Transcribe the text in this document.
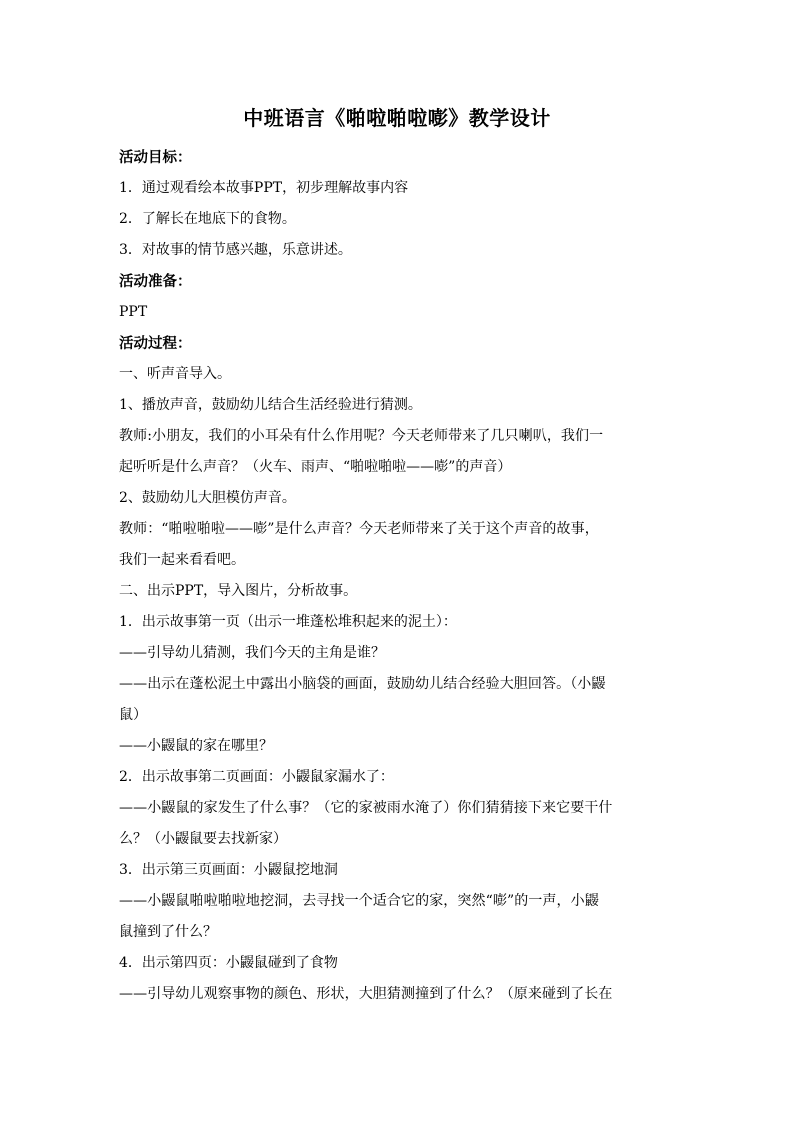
中班语言《啪啦啪啦嘭》教学设计
活动目标：
1．通过观看绘本故事PPT，初步理解故事内容
2．了解长在地底下的食物。
3．对故事的情节感兴趣，乐意讲述。
活动准备：
PPT
活动过程：
一、听声音导入。
1、播放声音，鼓励幼儿结合生活经验进行猜测。
教师:小朋友，我们的小耳朵有什么作用呢？今天老师带来了几只喇叭，我们一
起听听是什么声音？（火车、雨声、“啪啦啪啦——嘭”的声音）
2、鼓励幼儿大胆模仿声音。
教师：“啪啦啪啦——嘭”是什么声音？今天老师带来了关于这个声音的故事，
我们一起来看看吧。
二、出示PPT，导入图片，分析故事。
1．出示故事第一页（出示一堆蓬松堆积起来的泥土）：
——引导幼儿猜测，我们今天的主角是谁？
——出示在蓬松泥土中露出小脑袋的画面，鼓励幼儿结合经验大胆回答。（小鼹
鼠）
——小鼹鼠的家在哪里？
2．出示故事第二页画面：小鼹鼠家漏水了：
——小鼹鼠的家发生了什么事？（它的家被雨水淹了）你们猜猜接下来它要干什
么？（小鼹鼠要去找新家）
3．出示第三页画面：小鼹鼠挖地洞
——小鼹鼠啪啦啪啦地挖洞，去寻找一个适合它的家，突然“嘭”的一声，小鼹
鼠撞到了什么？
4．出示第四页：小鼹鼠碰到了食物
——引导幼儿观察事物的颜色、形状，大胆猜测撞到了什么？（原来碰到了长在
